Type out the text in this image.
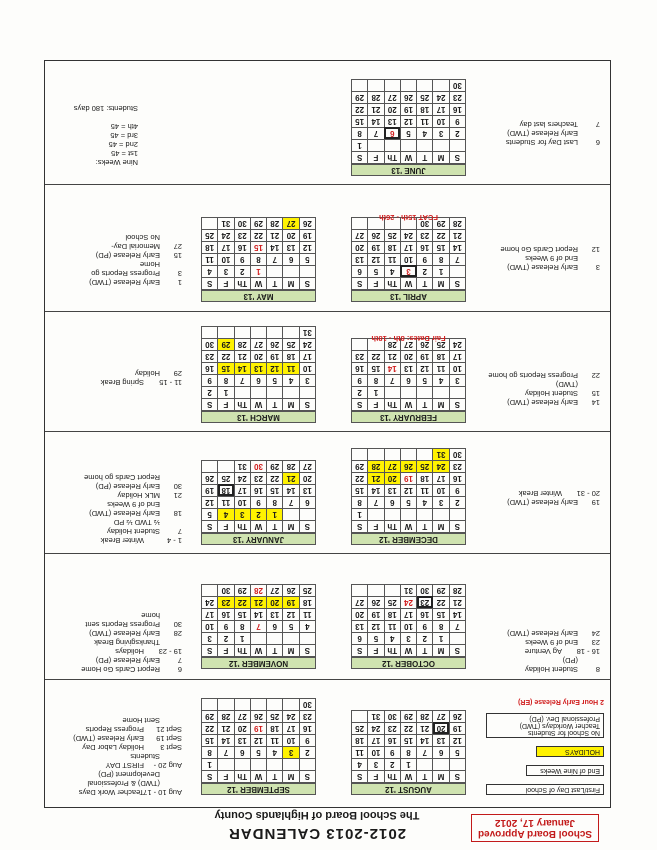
School Board Approved
January 17, 2012
2012-2013 CALENDAR
The School Board of Highlands County
First/Last Day of School
End of Nine Weeks
HOLIDAYS
No School for Students
Teacher Workdays (TWD)
Professional Dev. (PD)
2 Hour Early Release (ER)
AUGUST '12
S	M	T	W	Th	F	S
			1	2	3	4
5	6	7	8	9	10	11
12	13	14	15	16	17	18
19	20	21	22	23	24	25
26	27	28	29	30	31	
SEPTEMBER '12
S	M	T	W	Th	F	S
						1
2	3	4	5	6	7	8
9	10	11	12	13	14	15
16	17	18	19	20	21	22
23	24	25	26	27	28	29
30						
Aug 10 - 17Teacher Work Days
(TWD) & Professional
Development (PD)
Aug 20 -FIRST DAY
Students
Sept 3Holiday Labor Day
Sept 19Early Release (TWD)
Sept 21Progress Reports
Sent Home
OCTOBER '12
S	M	T	W	Th	F	S
	1	2	3	4	5	6
7	8	9	10	11	12	13
14	15	16	17	18	19	20
21	22	23	24	25	26	27
28	29	30	31			
8Student Holiday
(PD)
16 - 18Ag Venture
23End of 9 Weeks
24Early Release (TWD)
NOVEMBER '12
S	M	T	W	Th	F	S
				1	2	3
4	5	6	7	8	9	10
11	12	13	14	15	16	17
18	19	20	21	22	23	24
25	26	27	28	29	30	
6Report Cards Go Home
7Early Release (PD)
19 - 23Holidays
Thanksgiving Break
28Early Release (TWD)
30Progress Reports sent
home
DECEMBER '12
S	M	T	W	Th	F	S
						1
2	3	4	5	6	7	8
9	10	11	12	13	14	15
16	17	18	19	20	21	22
23	24	25	26	27	28	29
30	31					
19Early Release (TWD)
20 - 31Winter Break
JANUARY '13
S	M	T	W	Th	F	S
		1	2	3	4	5
6	7	8	9	10	11	12
13	14	15	16	17	18	19
20	21	22	23	24	25	26
27	28	29	30	31		
1 - 4Winter Break
7Student Holiday
½ TWD ½ PD
18Early Release (TWD)
End of 9 Weeks
21MLK Holiday
30Early Release (PD)
Report Cards go home
FEBRUARY '13
S	M	T	W	Th	F	S
					1	2
3	4	5	6	7	8	9
10	11	12	13	14	15	16
17	18	19	20	21	22	23
24	25	26	27	28		
Fair Dates: 8th - 18th
14Early Release (TWD)
15Student Holiday
(TWD)
22Progress Reports go home
MARCH '13
S	M	T	W	Th	F	S
					1	2
3	4	5	6	7	8	9
10	11	12	13	14	15	16
17	18	19	20	21	22	23
24	25	26	27	28	29	30
31						
11 - 15Spring Break
29Holiday
APRIL '13
S	M	T	W	Th	F	S
	1	2	3	4	5	6
7	8	9	10	11	12	13
14	15	16	17	18	19	20
21	22	23	24	25	26	27
28	29	30				
FCAT 15th - 26th
3Early Release (TWD)
End of 9 Weeks
12Report Cards Go home
MAY '13
S	M	T	W	Th	F	S
			1	2	3	4
5	6	7	8	9	10	11
12	13	14	15	16	17	18
19	20	21	22	23	24	25
26	27	28	29	30	31	
1Early Release (TWD)
3Progress Reports go
Home
15Early Release (PD)
27Memorial Day-
No School
JUNE '13
S	M	T	W	Th	F	S
						1
2	3	4	5	6	7	8
9	10	11	12	13	14	15
16	17	18	19	20	21	22
23	24	25	26	27	28	29
30						
6Last Day for Students
Early Release (TWD)
7Teachers last day
Nine Weeks:
1st = 45
2nd = 45
3rd = 45
4th = 45
Students: 180 days
